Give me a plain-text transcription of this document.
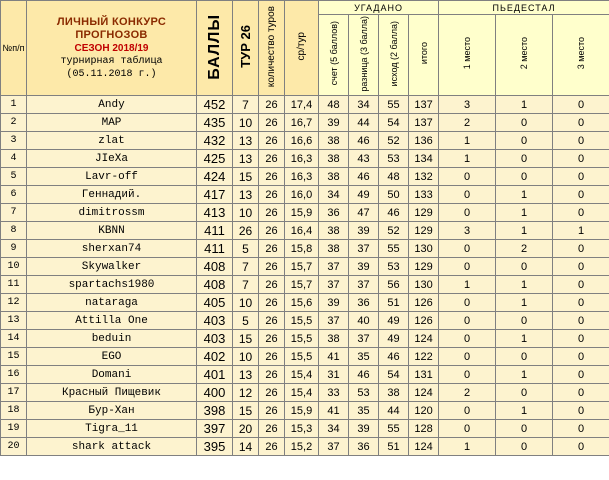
№п/п	ЛИЧНЫЙ КОНКУРС ПРОГНОЗОВ
СЕЗОН 2018/19
турнирная таблица
(05.11.2018 г.)	БАЛЛЫ	ТУР 26	количество туров	ср/тур	УГАДАНО				ПЬЕДЕСТАЛ		
						счет (5 баллов)	разница (3 балла)	исход (2 балла)	итого	1 место	2 место	3 место
1	Andy	452	7	26	17,4	48	34	55	137	3	1	0
2	MAP	435	10	26	16,7	39	44	54	137	2	0	0
3	zlat	432	13	26	16,6	38	46	52	136	1	0	0
4	JIeXa	425	13	26	16,3	38	43	53	134	1	0	0
5	Lavr-off	424	15	26	16,3	38	46	48	132	0	0	0
6	Геннадий.	417	13	26	16,0	34	49	50	133	0	1	0
7	dimitrossm	413	10	26	15,9	36	47	46	129	0	1	0
8	KBNN	411	26	26	16,4	38	39	52	129	3	1	1
9	sherxan74	411	5	26	15,8	38	37	55	130	0	2	0
10	Skywalker	408	7	26	15,7	37	39	53	129	0	0	0
11	spartachs1980	408	7	26	15,7	37	37	56	130	1	1	0
12	nataraga	405	10	26	15,6	39	36	51	126	0	1	0
13	Attilla One	403	5	26	15,5	37	40	49	126	0	0	0
14	beduin	403	15	26	15,5	38	37	49	124	0	1	0
15	EGO	402	10	26	15,5	41	35	46	122	0	0	0
16	Domani	401	13	26	15,4	31	46	54	131	0	1	0
17	Красный Пищевик	400	12	26	15,4	33	53	38	124	2	0	0
18	Бур-Хан	398	15	26	15,9	41	35	44	120	0	1	0
19	Tigra_11	397	20	26	15,3	34	39	55	128	0	0	0
20	shark attack	395	14	26	15,2	37	36	51	124	1	0	0
